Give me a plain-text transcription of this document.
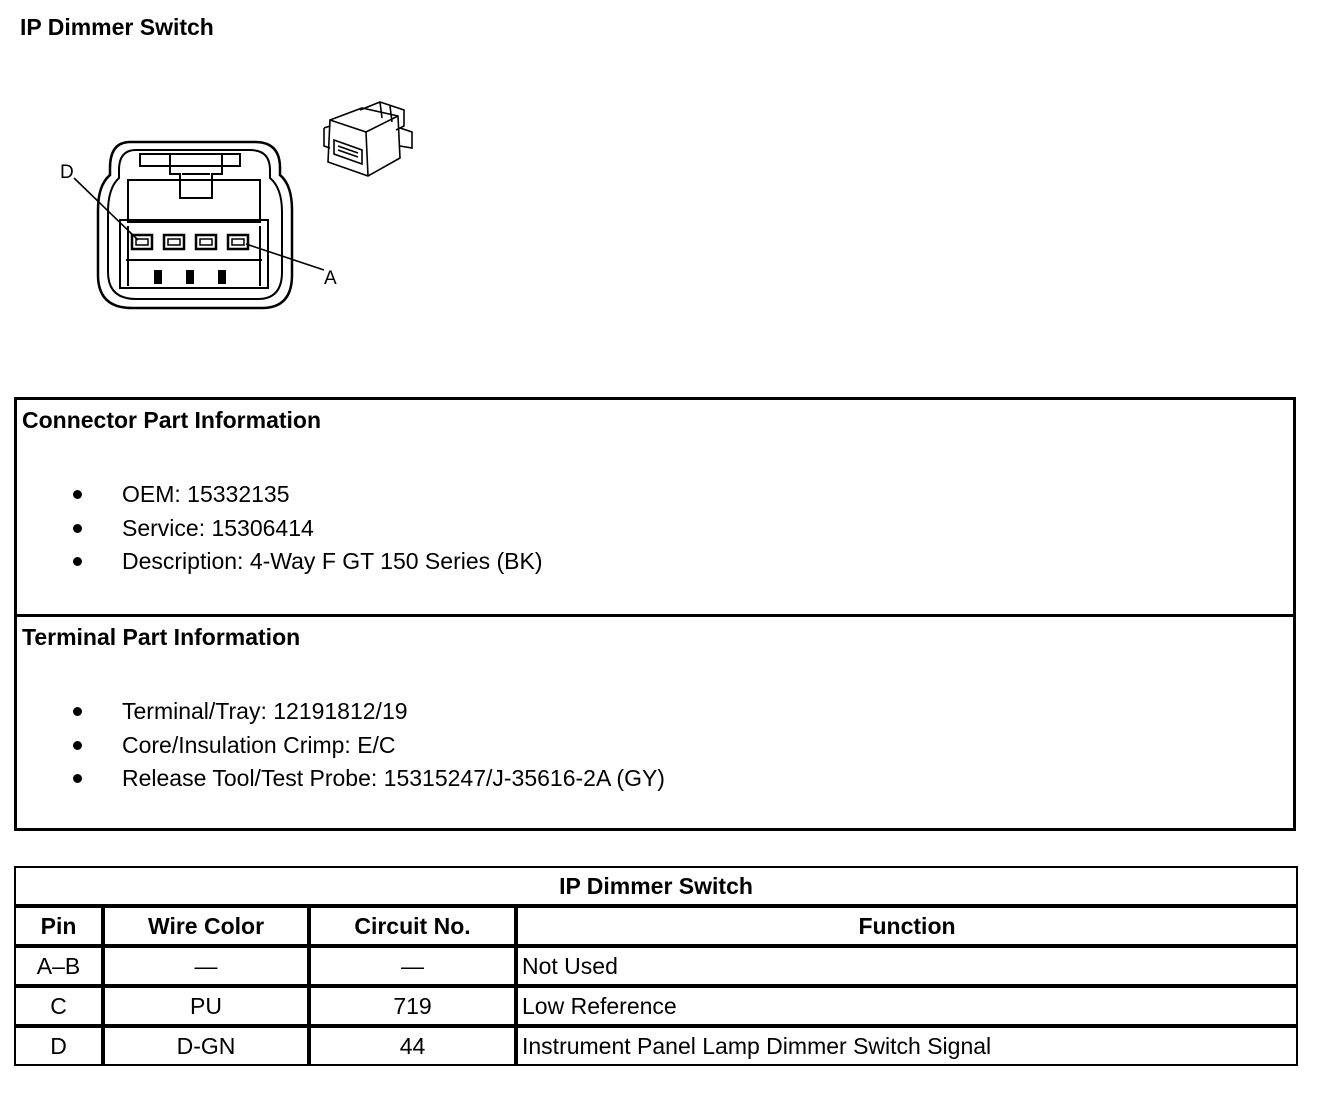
IP Dimmer Switch
D
A
Connector Part Information
OEM: 15332135
Service: 15306414
Description: 4-Way F GT 150 Series (BK)
Terminal Part Information
Terminal/Tray: 12191812/19
Core/Insulation Crimp: E/C
Release Tool/Test Probe: 15315247/J-35616-2A (GY)
IP Dimmer Switch			
Pin	Wire Color	Circuit No.	Function
A–B	—	—	Not Used
C	PU	719	Low Reference
D	D-GN	44	Instrument Panel Lamp Dimmer Switch Signal
